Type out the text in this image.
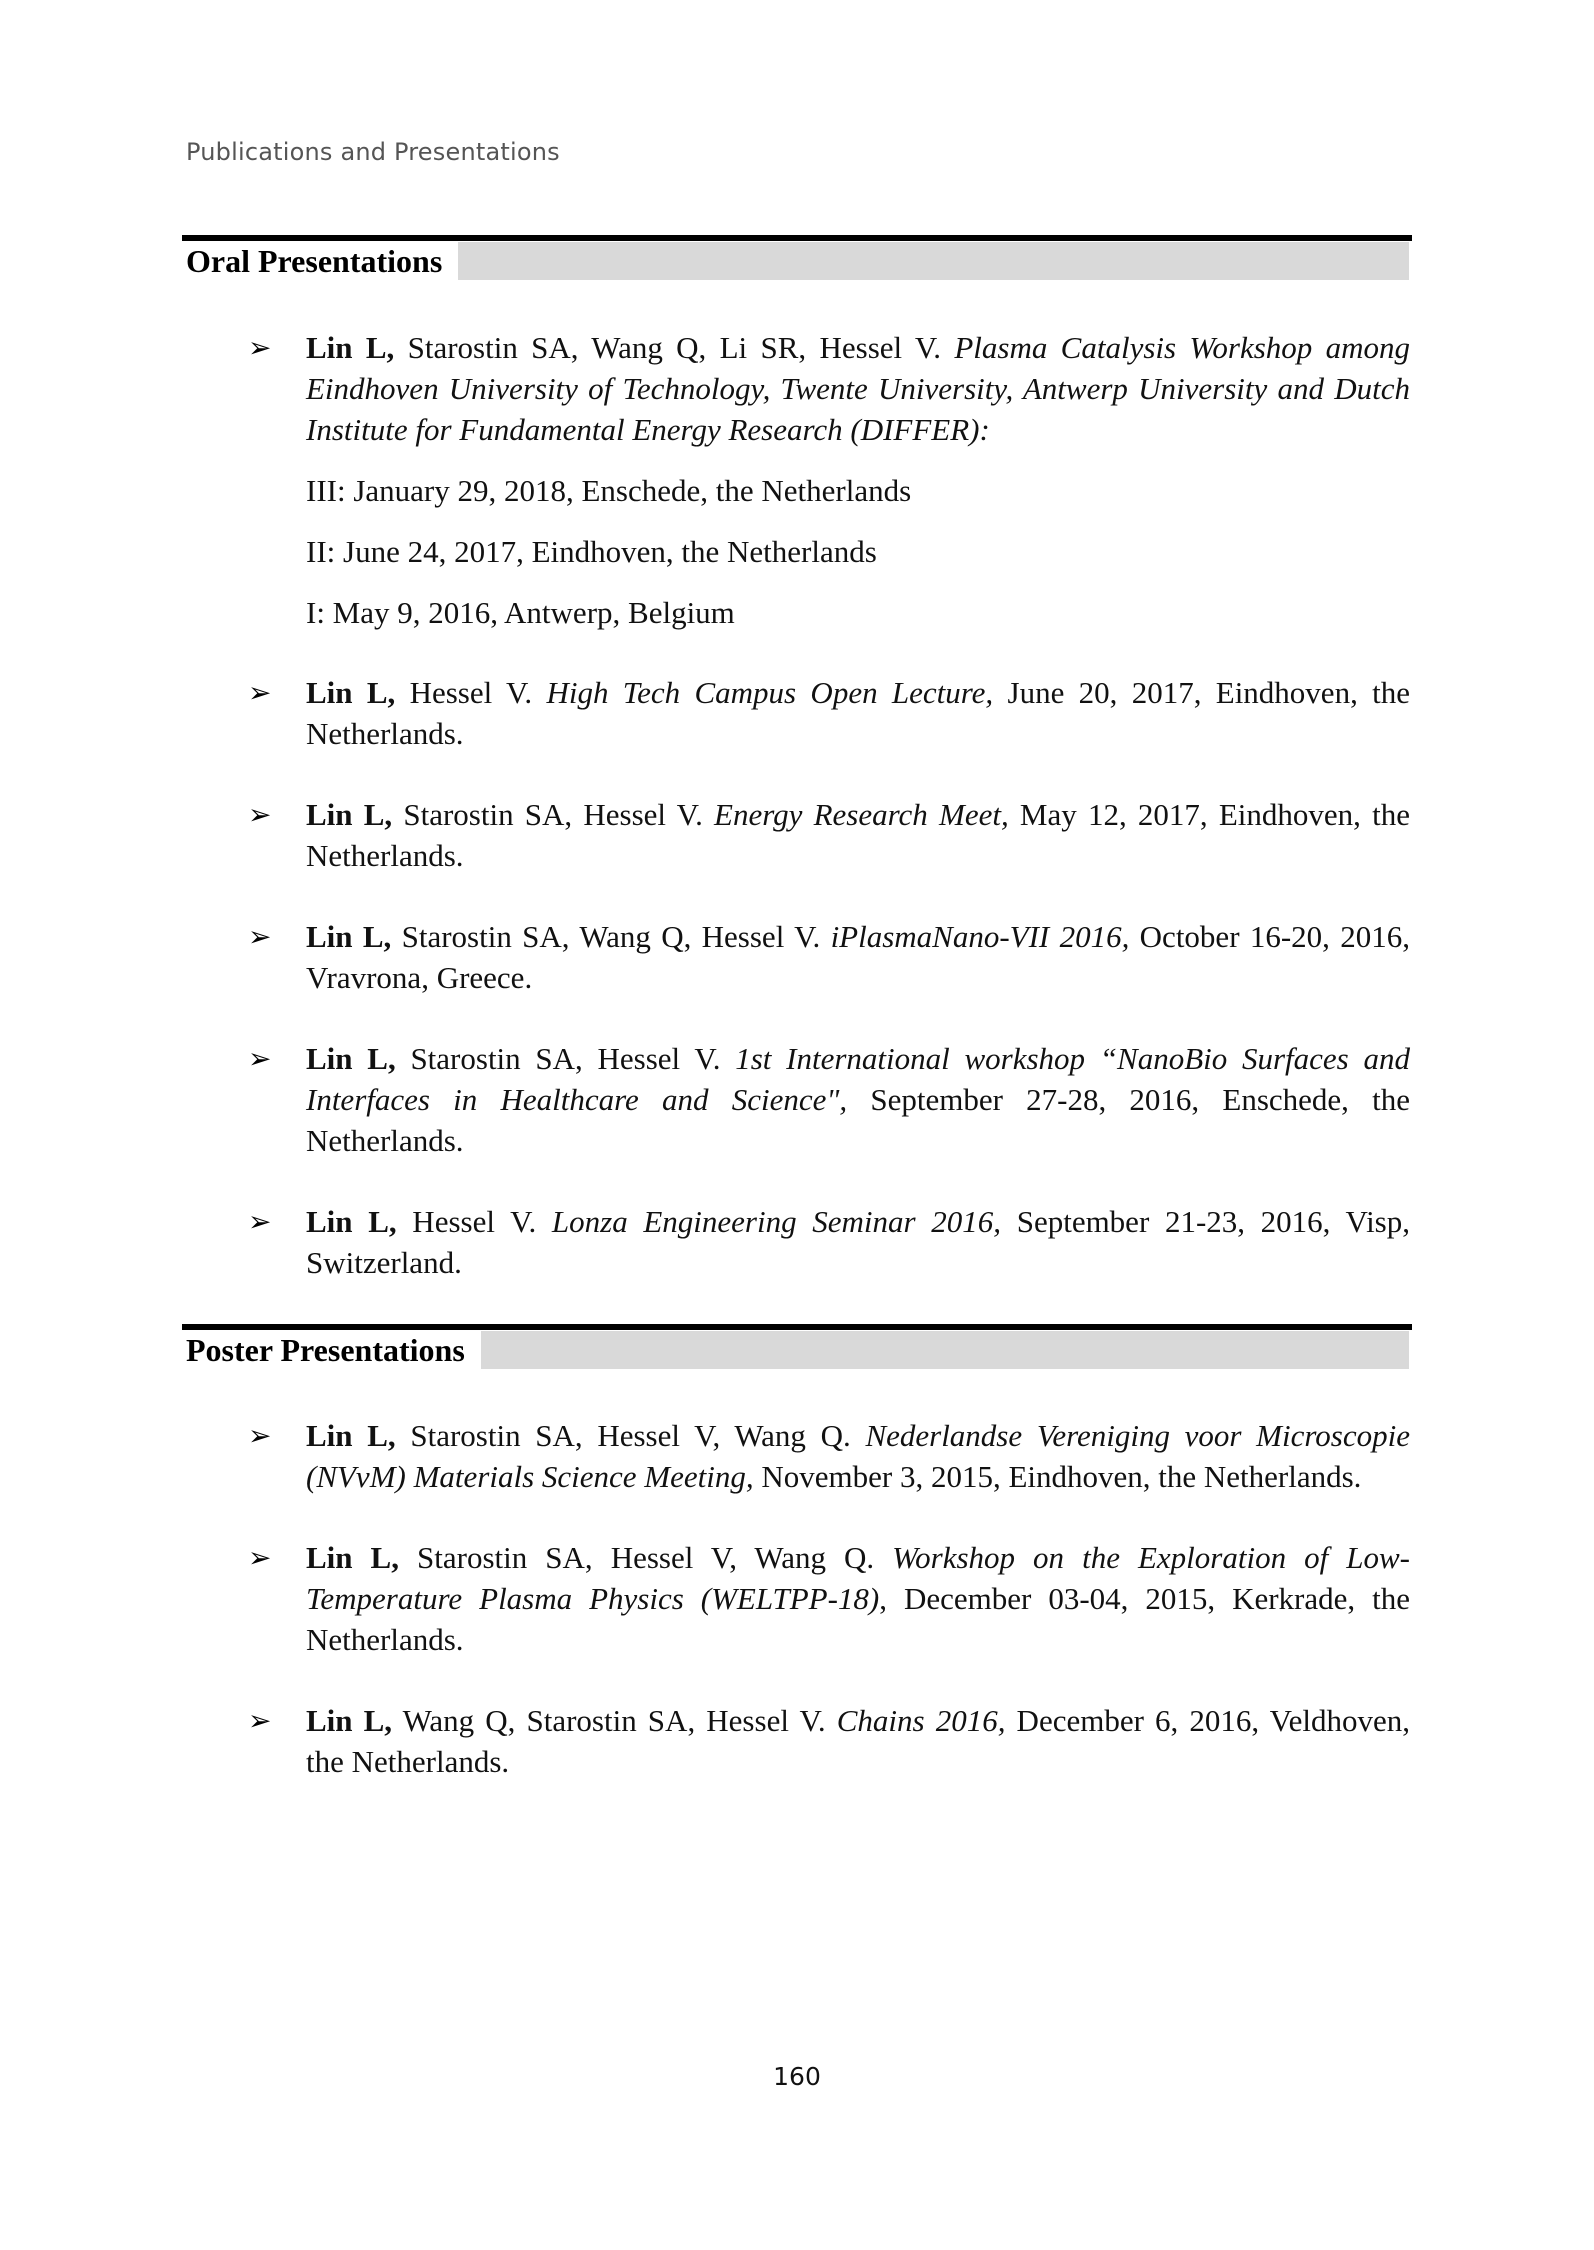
Publications and Presentations
Oral Presentations
➢ Lin L, Starostin SA, Wang Q, Li SR, Hessel V. Plasma Catalysis Workshop among Eindhoven University of Technology, Twente University, Antwerp University and Dutch Institute for Fundamental Energy Research (DIFFER):
III: January 29, 2018, Enschede, the Netherlands
II: June 24, 2017, Eindhoven, the Netherlands
I: May 9, 2016, Antwerp, Belgium
➢ Lin L, Hessel V. High Tech Campus Open Lecture, June 20, 2017, Eindhoven, the Netherlands.
➢ Lin L, Starostin SA, Hessel V. Energy Research Meet, May 12, 2017, Eindhoven, the Netherlands.
➢ Lin L, Starostin SA, Wang Q, Hessel V. iPlasmaNano-VII 2016, October 16-20, 2016, Vravrona, Greece.
➢ Lin L, Starostin SA, Hessel V. 1st International workshop “NanoBio Surfaces and Interfaces in Healthcare and Science", September 27-28, 2016, Enschede, the Netherlands.
➢ Lin L, Hessel V. Lonza Engineering Seminar 2016, September 21-23, 2016, Visp, Switzerland.
Poster Presentations
➢ Lin L, Starostin SA, Hessel V, Wang Q. Nederlandse Vereniging voor Microscopie (NVvM) Materials Science Meeting, November 3, 2015, Eindhoven, the Netherlands.
➢ Lin L, Starostin SA, Hessel V, Wang Q. Workshop on the Exploration of Low-Temperature Plasma Physics (WELTPP-18), December 03-04, 2015, Kerkrade, the Netherlands.
➢ Lin L, Wang Q, Starostin SA, Hessel V. Chains 2016, December 6, 2016, Veldhoven, the Netherlands.
160
